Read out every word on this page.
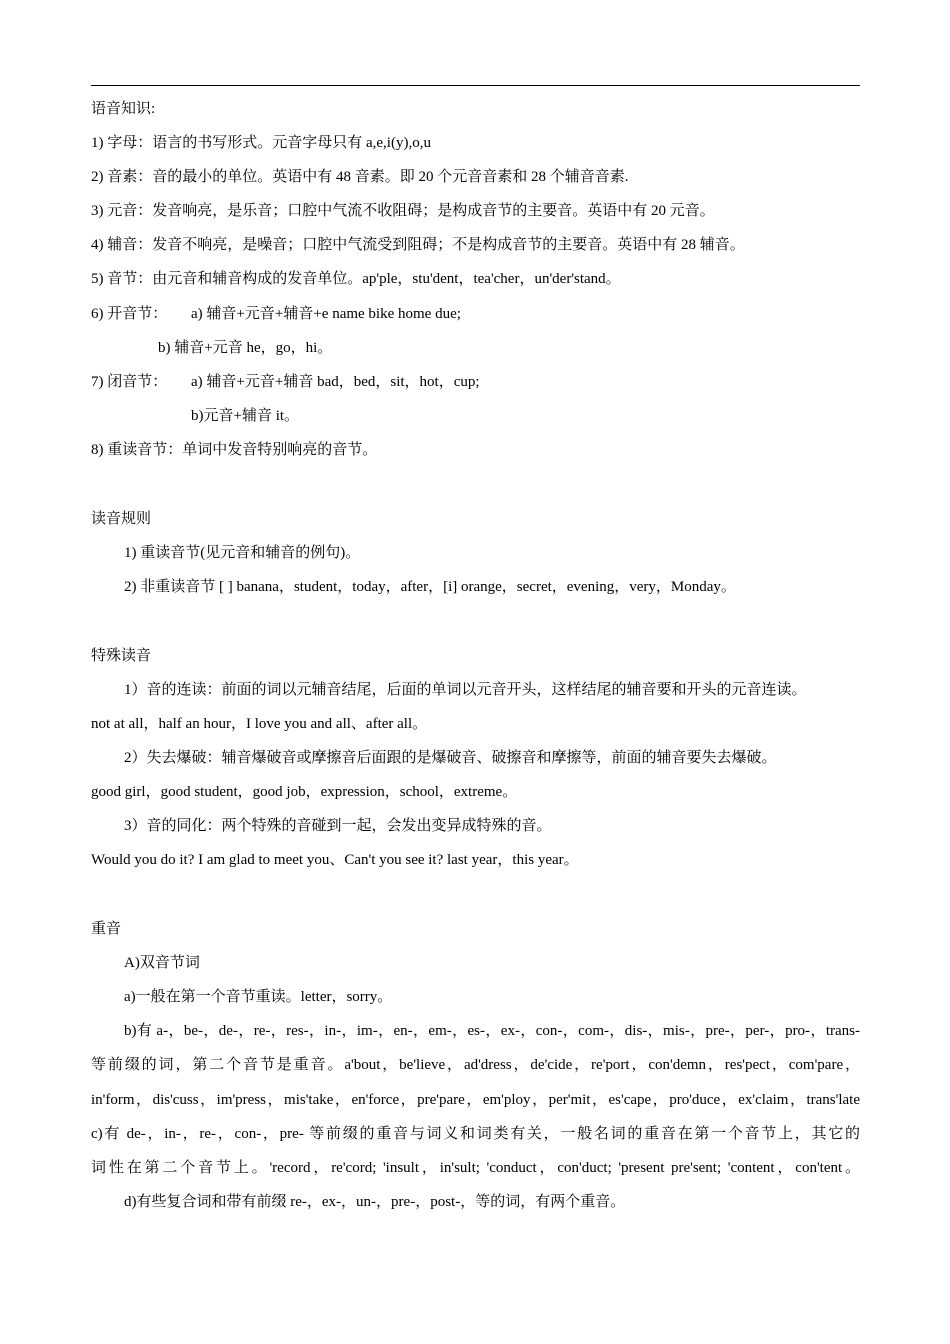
语音知识:
1) 字母：语言的书写形式。元音字母只有 a,e,i(y),o,u
2) 音素：音的最小的单位。英语中有 48 音素。即 20 个元音音素和 28 个辅音音素.
3) 元音：发音响亮，是乐音；口腔中气流不收阻碍；是构成音节的主要音。英语中有 20 元音。
4) 辅音：发音不响亮，是噪音；口腔中气流受到阻碍；不是构成音节的主要音。英语中有 28 辅音。
5) 音节：由元音和辅音构成的发音单位。ap'ple，stu'dent，tea'cher，un'der'stand。
6) 开音节： a) 辅音+元音+辅音+e name bike home due;
b) 辅音+元音 he，go，hi。
7) 闭音节： a) 辅音+元音+辅音 bad，bed，sit，hot，cup;
b)元音+辅音 it。
8) 重读音节：单词中发音特别响亮的音节。
读音规则
1) 重读音节(见元音和辅音的例句)。
2) 非重读音节 [ ] banana，student，today，after，[i] orange，secret，evening，very，Monday。
特殊读音
1）音的连读：前面的词以元辅音结尾，后面的单词以元音开头，这样结尾的辅音要和开头的元音连读。
not at all，half an hour，I love you and all、after all。
2）失去爆破：辅音爆破音或摩擦音后面跟的是爆破音、破擦音和摩擦等，前面的辅音要失去爆破。
good girl，good student，good job，expression，school，extreme。
3）音的同化：两个特殊的音碰到一起，会发出变异成特殊的音。
Would you do it? I am glad to meet you、Can't you see it? last year，this year。
重音
A)双音节词
a)一般在第一个音节重读。letter，sorry。
b)有 a-，be-，de-，re-，res-，in-，im-，en-，em-，es-，ex-，con-，com-，dis-，mis-，pre-，per-，pro-，trans-
等前缀的词，第二个音节是重音。a'bout，be'lieve，ad'dress，de'cide，re'port，con'demn，res'pect，com'pare，
in'form，dis'cuss，im'press，mis'take，en'force，pre'pare，em'ploy，per'mit，es'cape，pro'duce，ex'claim，trans'late
c)有 de-，in-，re-，con-，pre- 等前缀的重音与词义和词类有关，一般名词的重音在第一个音节上，其它的
词性在第二个音节上。'record，re'cord; 'insult，in'sult; 'conduct，con'duct; 'present pre'sent; 'content，con'tent。
d)有些复合词和带有前缀 re-，ex-，un-，pre-，post-，等的词，有两个重音。
